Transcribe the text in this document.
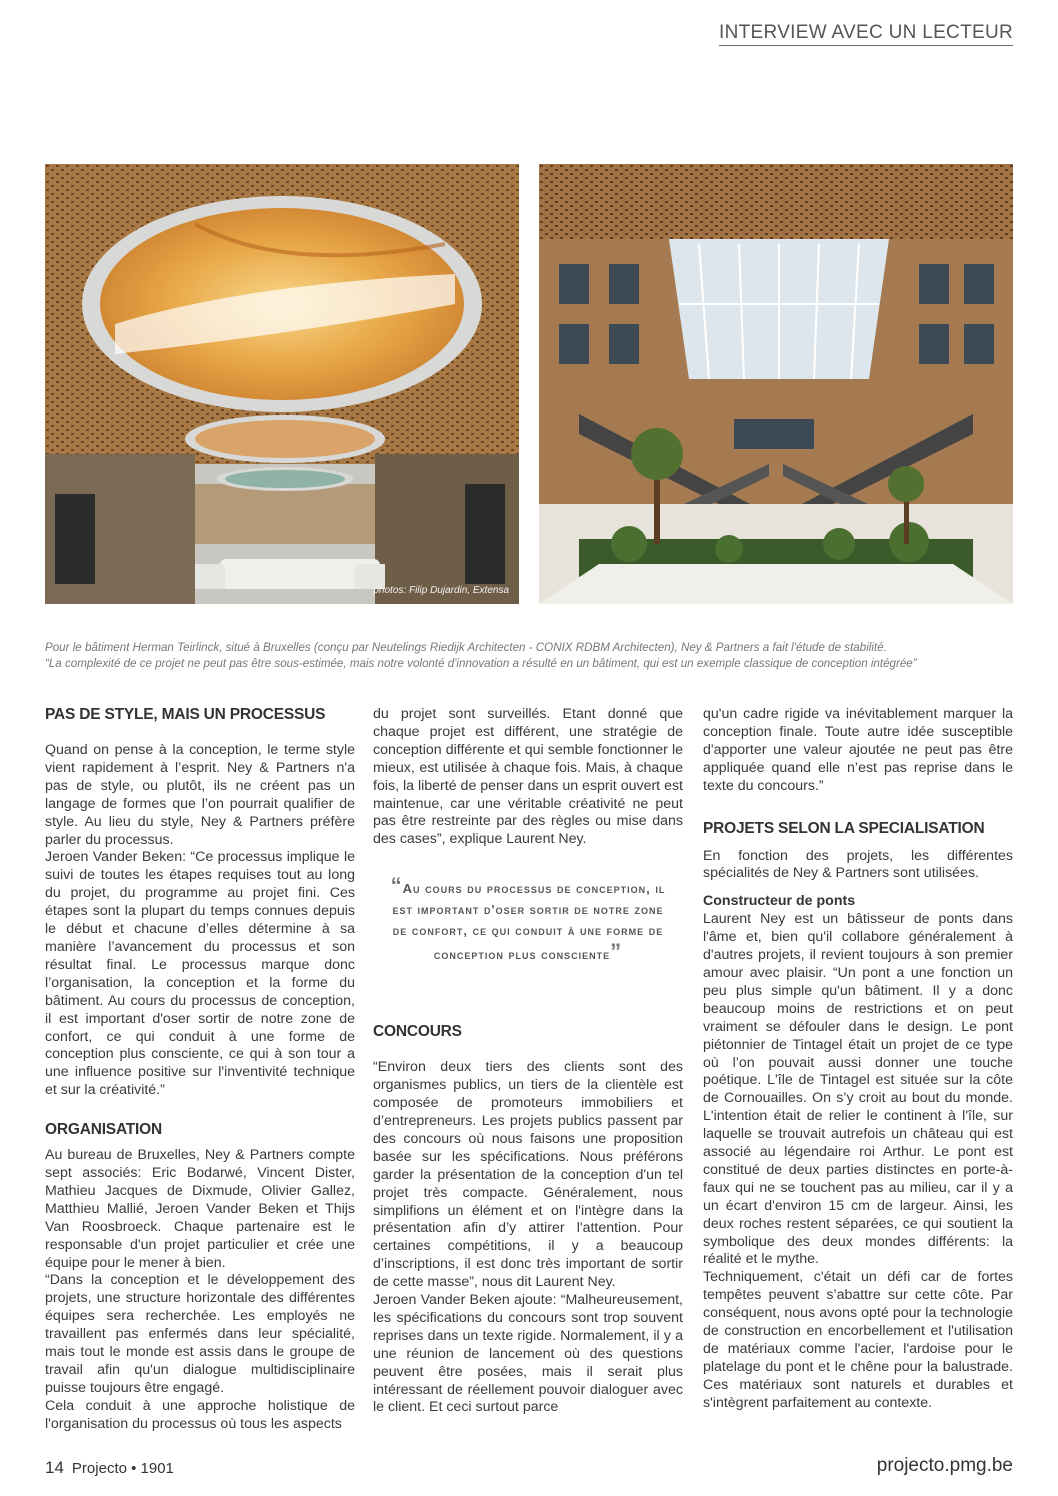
INTERVIEW AVEC UN LECTEUR
photos: Filip Dujardin, Extensa
Pour le bâtiment Herman Teirlinck, situé à Bruxelles (conçu par Neutelings Riedijk Architecten - CONIX RDBM Architecten), Ney & Partners a fait l'étude de stabilité.
“La complexité de ce projet ne peut pas être sous-estimée, mais notre volonté d'innovation a résulté en un bâtiment, qui est un exemple classique de conception intégrée”
PAS DE STYLE, MAIS UN PROCESSUS

Quand on pense à la conception, le terme style vient rapidement à l’esprit. Ney & Partners n'a pas de style, ou plutôt, ils ne créent pas un langage de formes que l’on pourrait qualifier de style. Au lieu du style, Ney & Partners préfère parler du processus.

Jeroen Vander Beken: “Ce processus implique le suivi de toutes les étapes requises tout au long du projet, du programme au projet fini. Ces étapes sont la plupart du temps connues depuis le début et chacune d’elles détermine à sa manière l’avancement du processus et son résultat final. Le processus marque donc l’organisation, la conception et la forme du bâtiment. Au cours du processus de conception, il est important d'oser sortir de notre zone de confort, ce qui conduit à une forme de conception plus consciente, ce qui à son tour a une influence positive sur l'inventivité technique et sur la créativité.”

ORGANISATION

Au bureau de Bruxelles, Ney & Partners compte sept associés: Eric Bodarwé, Vincent Dister, Mathieu Jacques de Dixmude, Olivier Gallez, Matthieu Mallié, Jeroen Vander Beken et Thijs Van Roosbroeck. Chaque partenaire est le responsable d'un projet particulier et crée une équipe pour le mener à bien.

“Dans la conception et le développement des projets, une structure horizontale des différentes équipes sera recherchée. Les employés ne travaillent pas enfermés dans leur spécialité, mais tout le monde est assis dans le groupe de travail afin qu'un dialogue multidisciplinaire puisse toujours être engagé.

Cela conduit à une approche holistique de l'organisation du processus où tous les aspects

du projet sont surveillés. Etant donné que chaque projet est différent, une stratégie de conception différente et qui semble fonctionner le mieux, est utilisée à chaque fois. Mais, à chaque fois, la liberté de penser dans un esprit ouvert est maintenue, car une véritable créativité ne peut pas être restreinte par des règles ou mise dans des cases”, explique Laurent Ney.

“Au cours du processus de conception, il est important d'oser sortir de notre zone de confort, ce qui conduit à une forme de conception plus consciente”
CONCOURS

“Environ deux tiers des clients sont des organismes publics, un tiers de la clientèle est composée de promoteurs immobiliers et d’entrepreneurs. Les projets publics passent par des concours où nous faisons une proposition basée sur les spécifications. Nous préférons garder la présentation de la conception d'un tel projet très compacte. Généralement, nous simplifions un élément et on l'intègre dans la présentation afin d’y attirer l'attention. Pour certaines compétitions, il y a beaucoup d’inscriptions, il est donc très important de sortir de cette masse”, nous dit Laurent Ney.

Jeroen Vander Beken ajoute: “Malheureusement, les spécifications du concours sont trop souvent reprises dans un texte rigide. Normalement, il y a une réunion de lancement où des questions peuvent être posées, mais il serait plus intéressant de réellement pouvoir dialoguer avec le client. Et ceci surtout parce

qu'un cadre rigide va inévitablement marquer la conception finale. Toute autre idée susceptible d'apporter une valeur ajoutée ne peut pas être appliquée quand elle n’est pas reprise dans le texte du concours.”

PROJETS SELON LA SPECIALISATION

En fonction des projets, les différentes spécialités de Ney & Partners sont utilisées.

Constructeur de ponts

Laurent Ney est un bâtisseur de ponts dans l'âme et, bien qu'il collabore généralement à d'autres projets, il revient toujours à son premier amour avec plaisir. “Un pont a une fonction un peu plus simple qu'un bâtiment. Il y a donc beaucoup moins de restrictions et on peut vraiment se défouler dans le design. Le pont piétonnier de Tintagel était un projet de ce type où l’on pouvait aussi donner une touche poétique. L'île de Tintagel est située sur la côte de Cornouailles. On s’y croit au bout du monde. L'intention était de relier le continent à l'île, sur laquelle se trouvait autrefois un château qui est associé au légendaire roi Arthur. Le pont est constitué de deux parties distinctes en porte-à-faux qui ne se touchent pas au milieu, car il y a un écart d'environ 15 cm de largeur. Ainsi, les deux roches restent séparées, ce qui soutient la symbolique des deux mondes différents: la réalité et le mythe.

Techniquement, c'était un défi car de fortes tempêtes peuvent s’abattre sur cette côte. Par conséquent, nous avons opté pour la technologie de construction en encorbellement et l'utilisation de matériaux comme l'acier, l'ardoise pour le platelage du pont et le chêne pour la balustrade. Ces matériaux sont naturels et durables et s'intègrent parfaitement au contexte.

14 Projecto • 1901	projecto.pmg.be
